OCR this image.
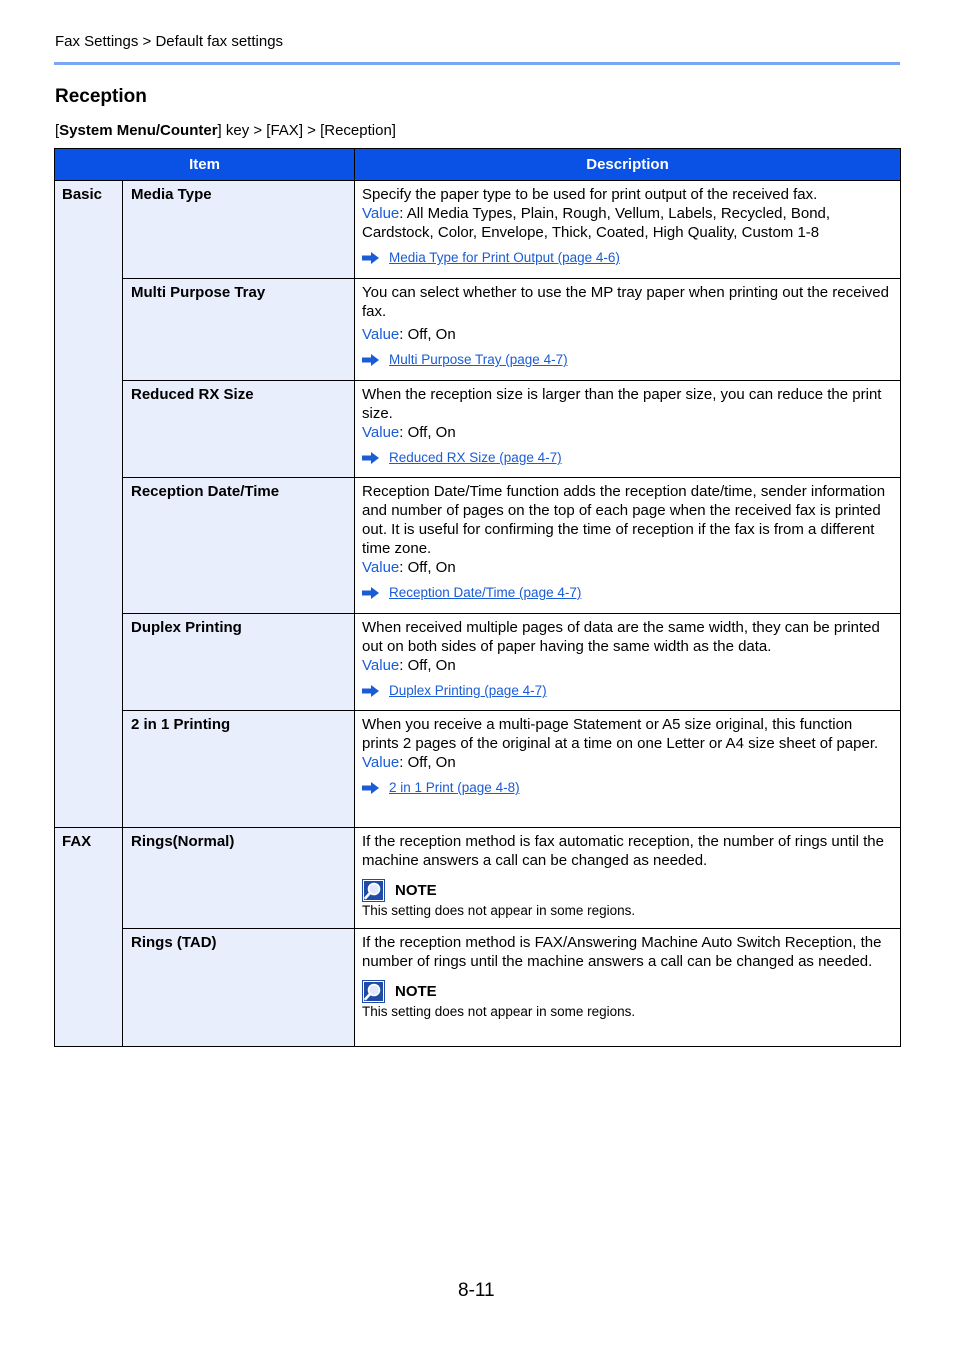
Fax Settings > Default fax settings
Reception
[System Menu/Counter] key > [FAX] > [Reception]
Item		Description
Basic	Media Type	Specify the paper type to be used for print output of the received fax.
Value: All Media Types, Plain, Rough, Vellum, Labels, Recycled, Bond, Cardstock, Color, Envelope, Thick, Coated, High Quality, Custom 1-8
Media Type for Print Output (page 4-6)

	Multi Purpose Tray	You can select whether to use the MP tray paper when printing out the received fax.
Value: Off, On
Multi Purpose Tray (page 4-7)

	Reduced RX Size	When the reception size is larger than the paper size, you can reduce the print size.
Value: Off, On
Reduced RX Size (page 4-7)

	Reception Date/Time	Reception Date/Time function adds the reception date/time, sender information and number of pages on the top of each page when the received fax is printed out. It is useful for confirming the time of reception if the fax is from a different time zone.
Value: Off, On
Reception Date/Time (page 4-7)

	Duplex Printing	When received multiple pages of data are the same width, they can be printed out on both sides of paper having the same width as the data.
Value: Off, On
Duplex Printing (page 4-7)

	2 in 1 Printing	When you receive a multi-page Statement or A5 size original, this function prints 2 pages of the original at a time on one Letter or A4 size sheet of paper.
Value: Off, On
2 in 1 Print (page 4-8)

FAX	Rings(Normal)	If the reception method is fax automatic reception, the number of rings until the machine answers a call can be changed as needed.
NOTE
This setting does not appear in some regions.

	Rings (TAD)	If the reception method is FAX/Answering Machine Auto Switch Reception, the number of rings until the machine answers a call can be changed as needed.
NOTE
This setting does not appear in some regions.
8-11
